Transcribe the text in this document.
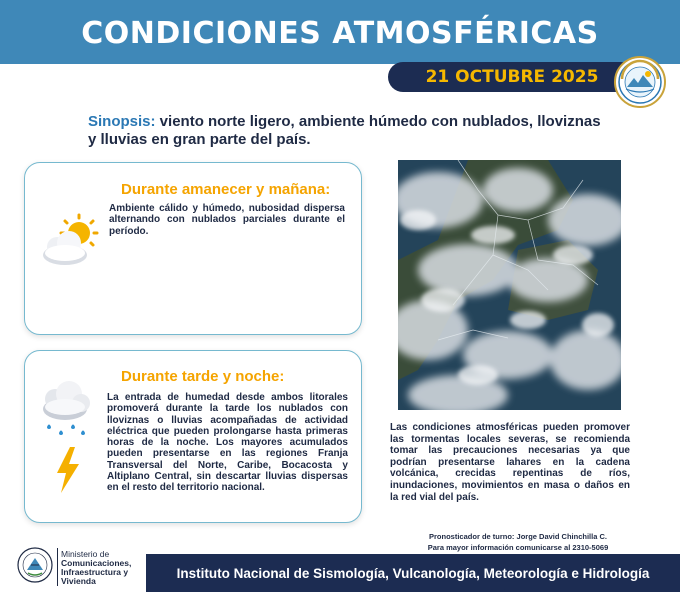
CONDICIONES ATMOSFÉRICAS
21 OCTUBRE 2025
Sinopsis: viento norte ligero, ambiente húmedo con nublados, lloviznas y lluvias en gran parte del país.
Durante amanecer y mañana:

Ambiente cálido y húmedo, nubosidad dispersa alternando con nublados parciales durante el período.

Durante tarde y noche:

La entrada de humedad desde ambos litorales promoverá durante la tarde los nublados con lloviznas o lluvias acompañadas de actividad eléctrica que pueden prolongarse hasta primeras horas de la noche. Los mayores acumulados pueden presentarse en las regiones Franja Transversal del Norte, Caribe, Bocacosta y Altiplano Central, sin descartar lluvias dispersas en el resto del territorio nacional.

Las condiciones atmosféricas pueden promover las tormentas locales severas, se recomienda tomar las precauciones necesarias ya que podrían presentarse lahares en la cadena volcánica, crecidas repentinas de ríos, inundaciones, movimientos en masa o daños en la red vial del país.

Pronosticador de turno: Jorge David Chinchilla C.
Para mayor información comunicarse al 2310-5069
Ministerio de
Comunicaciones,
Infraestructura y
Vivienda
Instituto Nacional de Sismología, Vulcanología, Meteorología e Hidrología
